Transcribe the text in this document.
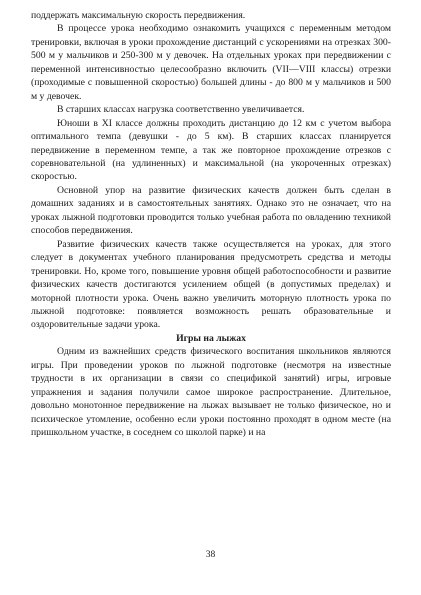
поддержать максимальную скорость передвижения.

В процессе урока необходимо ознакомить учащихся с переменным методом тренировки, включая в уроки прохождение дистанций с ускорениями на отрезках 300-500 м у мальчиков и 250-300 м у девочек. На отдельных уроках при передвижении с переменной интенсивностью целесообразно включить (VII—VIII классы) отрезки (проходимые с повышенной скоростью) большей длины - до 800 м у мальчиков и 500 м у девочек.

В старших классах нагрузка соответственно увеличивается.

Юноши в XI классе должны проходить дистанцию до 12 км с учетом выбора оптимального темпа (девушки - до 5 км). В старших классах планируется передвижение в переменном темпе, а так же повторное прохождение отрезков с соревновательной (на удлиненных) и максимальной (на укороченных отрезках) скоростью.

Основной упор на развитие физических качеств должен быть сделан в домашних заданиях и в самостоятельных занятиях. Однако это не означает, что на уроках лыжной подготовки проводится только учебная работа по овладению техникой способов передвижения.

Развитие физических качеств также осуществляется на уроках, для этого следует в документах учебного планирования предусмотреть средства и методы тренировки. Но, кроме того, повышение уровня общей работоспособности и развитие физических качеств достигаются усилением общей (в допустимых пределах) и моторной плотности урока. Очень важно увеличить моторную плотность урока по лыжной подготовке: появляется возможность решать образовательные и оздоровительные задачи урока.

Игры на лыжах

Одним из важнейших средств физического воспитания школьников являются игры. При проведении уроков по лыжной подготовке (несмотря на известные трудности в их организации в связи со спецификой занятий) игры, игровые упражнения и задания получили самое широкое распространение. Длительное, довольно монотонное передвижение на лыжах вызывает не только физическое, но и психическое утомление, особенно если уроки постоянно проходят в одном месте (на пришкольном участке, в соседнем со школой парке) и на

38
